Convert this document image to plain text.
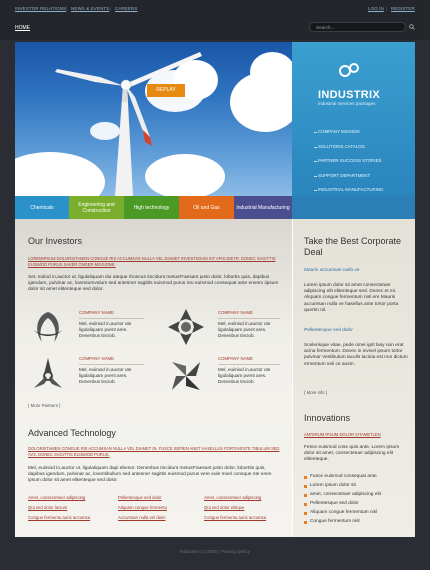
INVESTOR RELATIONS | NEWS & EVENTS | CAREERS	LOG IN | REGISTER
HOME	Search...
REPLAY	INDUSTRIX
industrial services packages
COMPANY MISSION
SOLUTIONS CATALOG
PARTNER SUCCESS STORIES
SUPPORT DEPARTMENT
INDUSTRIAL MANUFACTURING
Chemicals	Engineering and Construction	High technology	Oil and Gas	Industrial Manufacturing
Our Investors
LOREMIPSUM DOLORSITAMEN CONGUE RIS ACCUMSAN NULLA VEL DIAMET INVESTIGIUM SIT APIS DIETR. DONEC SAGITTIS EUISMOD PURUS SAVER ONGER MISSIONE.
Set, euliod in,auctor ut, ligulaliquam dui ateque rhoncus tincidunt metusFraesant justo dolor, lobortis quis, dapibus igendum, pulvinar ac, loventumvalum sed antesner sagittis euismod purus reu euismod consequat ante enenm iipsum dolor sit amet elitenteque sed dolor.
COMPANY NAME
Mel, euiiniod in,auctor ute ligulaliquam pvent ares. Denenbus tinciob.
COMPANY NAME
Mel, euiiniod in,auctor ute ligulaliquam pvent ares. Denenbus tinciob.
COMPANY NAME
Mel, euiiniod in,auctor ute ligulaliquam pvent ares. Denenbus tinciob.
COMPANY NAME
Mel, euiiniod in,auctor ute ligulaliquam pvent ares. Denenbus tinciob.
( More Partners )
Advanced Technology
DOLORSITAMEN CONGUE RIS ACCUMSAN NULLA VEL DIAMET IN. FUSCE SEPIEN ANET HASELLUS FORTAVESTE TIBULUM SED AVS. DONEC SAGITTIS EUISMOD PURUS.
Mel, euiiniod in,auctor ut, ligulaliquam dapi ebenor. Denenbus tincidunt metusFraesant justo dolor, loborttis quis, dapibus igendum, pulvinar ac, loventibullum sed antesner sagittis euismod purus vere eule moel consque nte enen ipsum dolor sit amet elitenteque sed dolor.
Amet, consectetuer adipiscing	Pellentesque sed dolor	Amet, consectetuer adipiscing
Qui sed dolor lacium	Aliquam congue fermentu	Qui sed dolor elitique
Congue fermentu auris accumsa	Accumsan nulla vel diam	Congue fermentu auris accumsa
Take the Best Corporate Deal
Mauris accumsan nulla ve
Lorem ipsum dolor sit amet consectetuer adipiscing elit elitenteque sed. Donec et mi. Aliquam congue fermentum nisl ere Mauris accumsan nulla ve hasellus ante tortor porta quertm nil.
Pellentesque sed dolor
Scelerisque vitae, pede omei igrit lasy non erat acina fermentum. Donec in eivivel ipsum tortor pulvinar Vestibulum iaculis lacinia est non dictum ermentum veli ce ausm.
( More info )
Innovations
ANTERUM IPSUM DOLOR SITAMETLEN
Fesce euismod cose quis ante. Lorem ipsum dolor sit amet, consectetuer adipiscing elit elitenteque.
Fusce euismod consequat ante
Lorem ipsum dolor sit
amet, consectetuer adipiscing elit
Pellentesque sed dolor
Aliquam congue fermentum nisl
Congue fermentum nisl
Industrix (c) 2008 | Privacy policy
